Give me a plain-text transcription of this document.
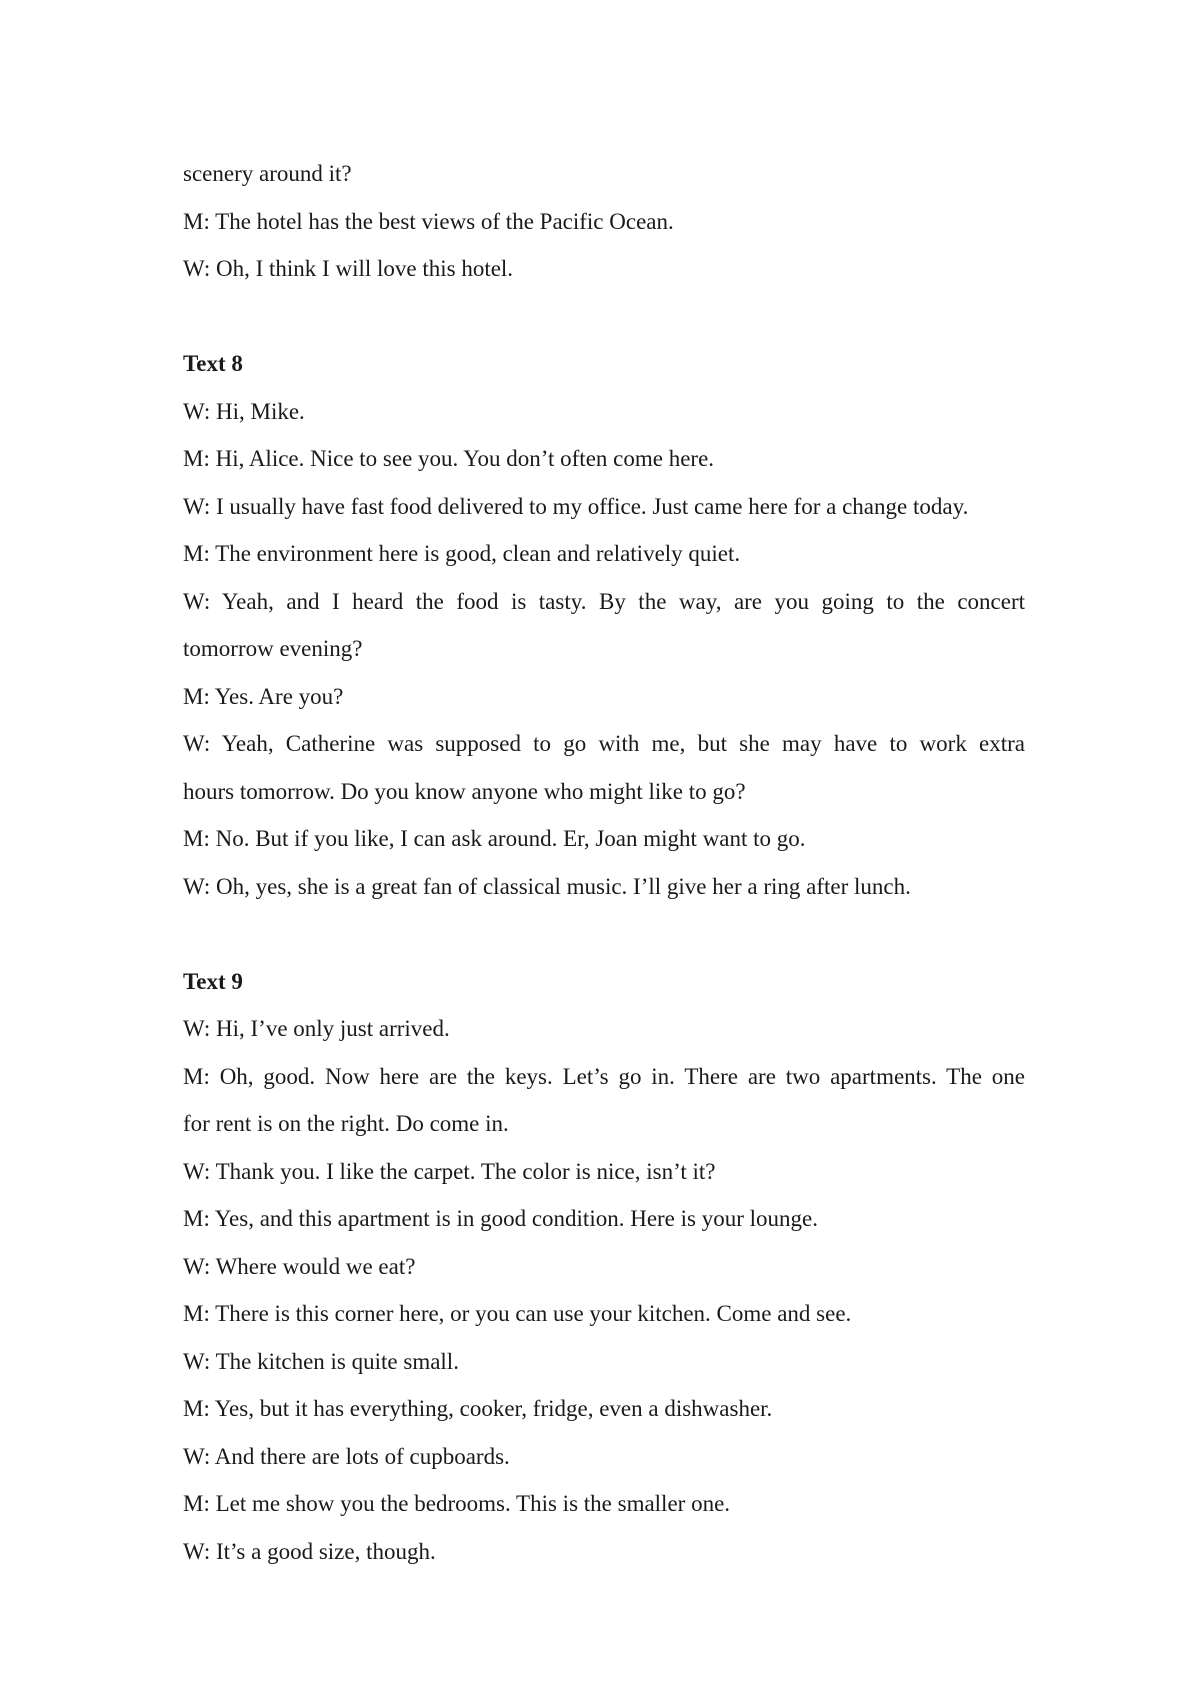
scenery around it?

M: The hotel has the best views of the Pacific Ocean.

W: Oh, I think I will love this hotel.

Text 8

W: Hi, Mike.

M: Hi, Alice. Nice to see you. You don’t often come here.

W: I usually have fast food delivered to my office. Just came here for a change today.

M: The environment here is good, clean and relatively quiet.

W: Yeah, and I heard the food is tasty. By the way, are you going to the concert

tomorrow evening?

M: Yes. Are you?

W: Yeah, Catherine was supposed to go with me, but she may have to work extra

hours tomorrow. Do you know anyone who might like to go?

M: No. But if you like, I can ask around. Er, Joan might want to go.

W: Oh, yes, she is a great fan of classical music. I’ll give her a ring after lunch.

Text 9

W: Hi, I’ve only just arrived.

M: Oh, good. Now here are the keys. Let’s go in. There are two apartments. The one

for rent is on the right. Do come in.

W: Thank you. I like the carpet. The color is nice, isn’t it?

M: Yes, and this apartment is in good condition. Here is your lounge.

W: Where would we eat?

M: There is this corner here, or you can use your kitchen. Come and see.

W: The kitchen is quite small.

M: Yes, but it has everything, cooker, fridge, even a dishwasher.

W: And there are lots of cupboards.

M: Let me show you the bedrooms. This is the smaller one.

W: It’s a good size, though.
